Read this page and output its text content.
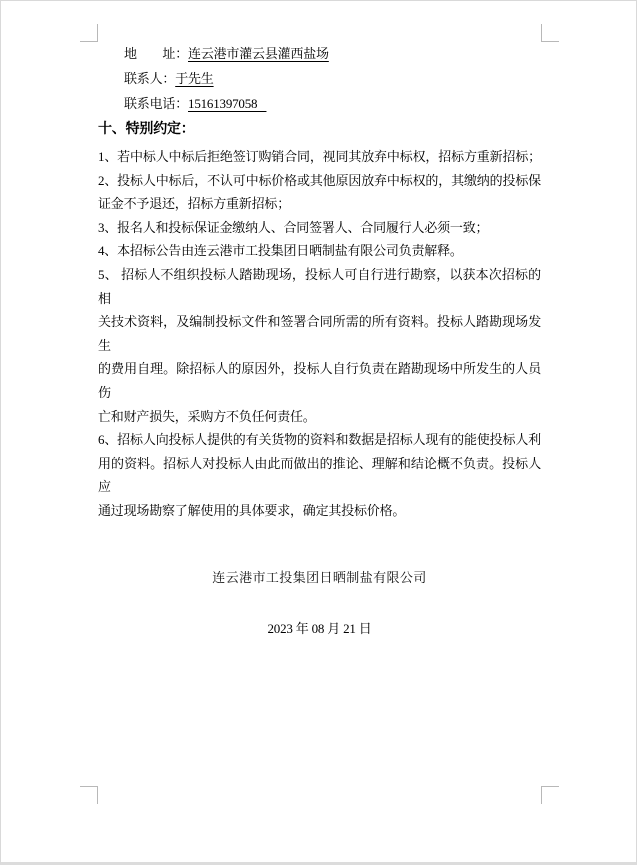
地　　址：连云港市灌云县灌西盐场
联系人：于先生
联系电话：15161397058
十、特别约定：
1、若中标人中标后拒绝签订购销合同，视同其放弃中标权，招标方重新招标；
2、投标人中标后，不认可中标价格或其他原因放弃中标权的，其缴纳的投标保
证金不予退还，招标方重新招标；
3、报名人和投标保证金缴纳人、合同签署人、合同履行人必须一致；
4、本招标公告由连云港市工投集团日晒制盐有限公司负责解释。
5、 招标人不组织投标人踏勘现场，投标人可自行进行勘察，以获本次招标的相
关技术资料，及编制投标文件和签署合同所需的所有资料。投标人踏勘现场发生
的费用自理。除招标人的原因外，投标人自行负责在踏勘现场中所发生的人员伤
亡和财产损失，采购方不负任何责任。
6、招标人向投标人提供的有关货物的资料和数据是招标人现有的能使投标人利
用的资料。招标人对投标人由此而做出的推论、理解和结论概不负责。投标人应
通过现场勘察了解使用的具体要求，确定其投标价格。
连云港市工投集团日晒制盐有限公司
2023 年 08 月 21 日
